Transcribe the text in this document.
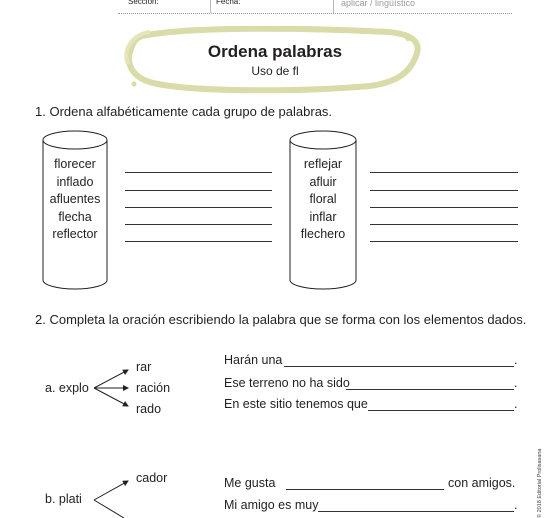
Sección:	Fecha:	aplicar / lingüístico
Ordena palabras
Uso de fl
1. Ordena alfabéticamente cada grupo de palabras.
florecer
inflado
afluentes
flecha
reflector
reflejar
afluir
floral
inflar
flechero
2. Completa la oración escribiendo la palabra que se forma con los elementos dados.
a. explo
rar
ración
rado
Harán una	.
Ese terreno no ha sido	.
En este sitio tenemos que	.
b. plati
cador	Me gusta	con amigos.
Mi amigo es muy	.	© 2018 Editorial Prolisasana
